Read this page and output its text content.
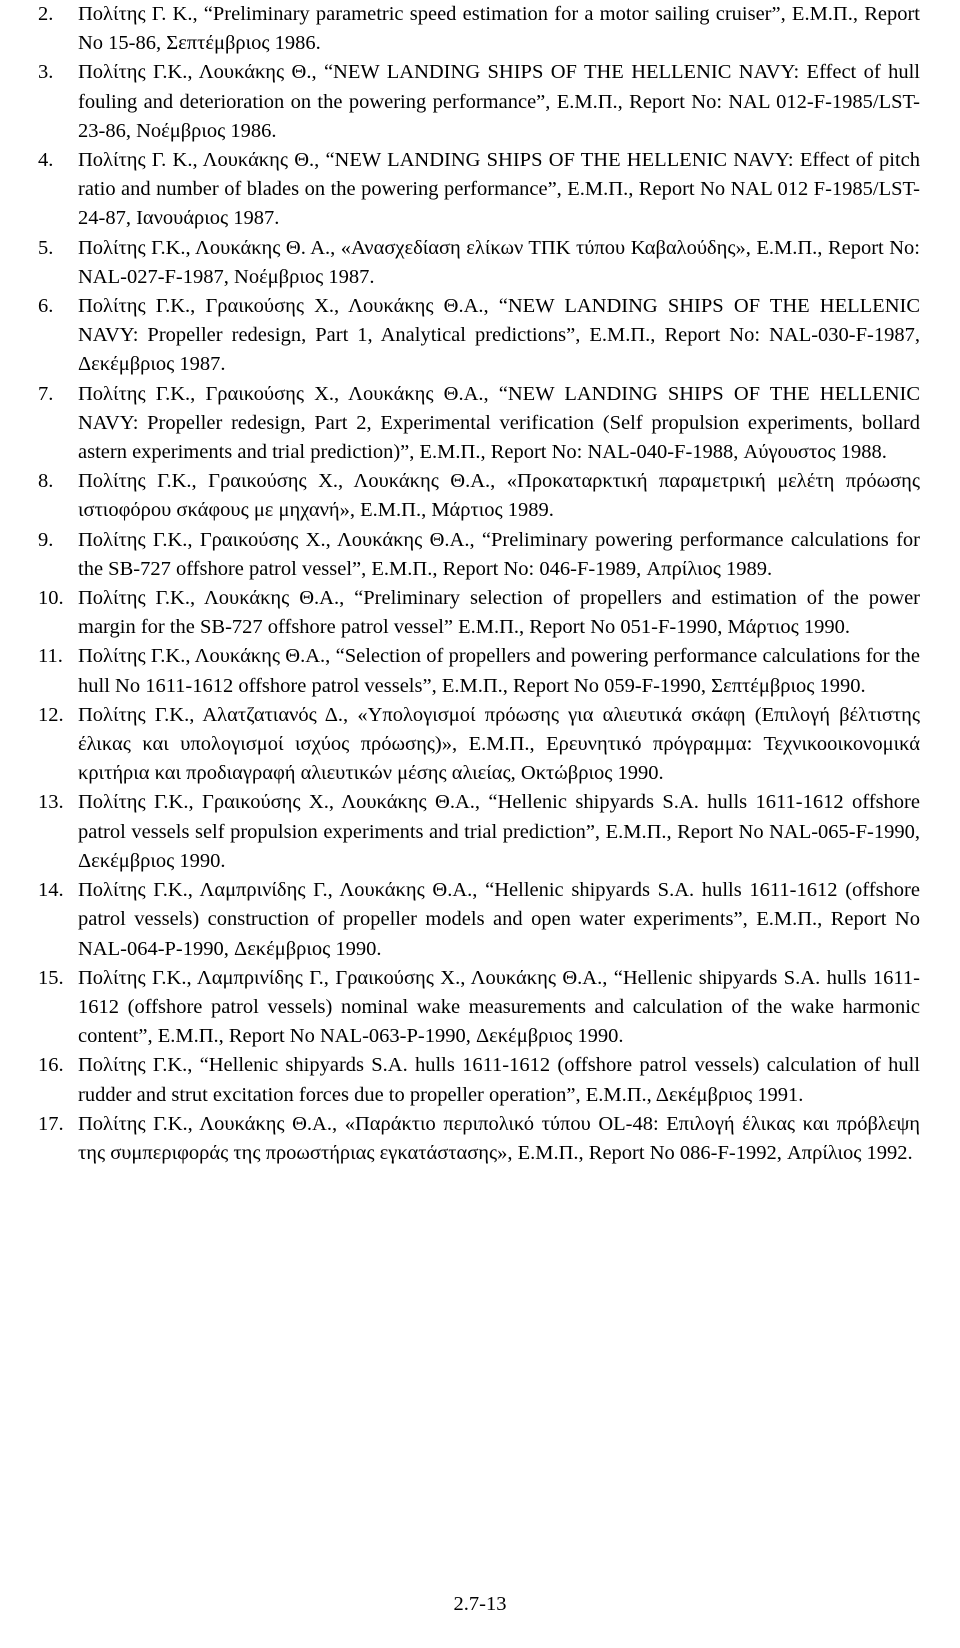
2. Πολίτης Γ. Κ., “Preliminary parametric speed estimation for a motor sailing cruiser”, Ε.Μ.Π., Report No 15-86, Σεπτέμβριος 1986.
3. Πολίτης Γ.Κ., Λουκάκης Θ., “NEW LANDING SHIPS OF THE HELLENIC NAVY: Effect of hull fouling and deterioration on the powering performance”, Ε.Μ.Π., Report No: NAL 012-F-1985/LST-23-86, Νοέμβριος 1986.
4. Πολίτης Γ. Κ., Λουκάκης Θ., “NEW LANDING SHIPS OF THE HELLENIC NAVY: Effect of pitch ratio and number of blades on the powering performance”, Ε.Μ.Π., Report No NAL 012 F-1985/LST-24-87, Ιανουάριος 1987.
5. Πολίτης Γ.Κ., Λουκάκης Θ. Α., «Ανασχεδίαση ελίκων ΤΠΚ τύπου Καβαλούδης», Ε.Μ.Π., Report No: NAL-027-F-1987, Νοέμβριος 1987.
6. Πολίτης Γ.Κ., Γραικούσης Χ., Λουκάκης Θ.Α., “NEW LANDING SHIPS OF THE HELLENIC NAVY: Propeller redesign, Part 1, Analytical predictions”, Ε.Μ.Π., Report No: NAL-030-F-1987, Δεκέμβριος 1987.
7. Πολίτης Γ.Κ., Γραικούσης Χ., Λουκάκης Θ.Α., “NEW LANDING SHIPS OF THE HELLENIC NAVY: Propeller redesign, Part 2, Experimental verification (Self propulsion experiments, bollard astern experiments and trial prediction)”, Ε.Μ.Π., Report No: NAL-040-F-1988, Αύγουστος 1988.
8. Πολίτης Γ.Κ., Γραικούσης Χ., Λουκάκης Θ.Α., «Προκαταρκτική παραμετρική μελέτη πρόωσης ιστιοφόρου σκάφους με μηχανή», Ε.Μ.Π., Μάρτιος 1989.
9. Πολίτης Γ.Κ., Γραικούσης Χ., Λουκάκης Θ.Α., “Preliminary powering performance calculations for the SB-727 offshore patrol vessel”, Ε.Μ.Π., Report No: 046-F-1989, Απρίλιος 1989.
10. Πολίτης Γ.Κ., Λουκάκης Θ.Α., “Preliminary selection of propellers and estimation of the power margin for the SB-727 offshore patrol vessel” Ε.Μ.Π., Report No 051-F-1990, Μάρτιος 1990.
11. Πολίτης Γ.Κ., Λουκάκης Θ.Α., “Selection of propellers and powering performance calculations for the hull No 1611-1612 offshore patrol vessels”, Ε.Μ.Π., Report No 059-F-1990, Σεπτέμβριος 1990.
12. Πολίτης Γ.Κ., Αλατζατιανός Δ., «Υπολογισμοί πρόωσης για αλιευτικά σκάφη (Επιλογή βέλτιστης έλικας και υπολογισμοί ισχύος πρόωσης)», Ε.Μ.Π., Ερευνητικό πρόγραμμα: Τεχνικοοικονομικά κριτήρια και προδιαγραφή αλιευτικών μέσης αλιείας, Οκτώβριος 1990.
13. Πολίτης Γ.Κ., Γραικούσης Χ., Λουκάκης Θ.Α., “Hellenic shipyards S.A. hulls 1611-1612 offshore patrol vessels self propulsion experiments and trial prediction”, Ε.Μ.Π., Report No NAL-065-F-1990, Δεκέμβριος 1990.
14. Πολίτης Γ.Κ., Λαμπρινίδης Γ., Λουκάκης Θ.Α., “Hellenic shipyards S.A. hulls 1611-1612 (offshore patrol vessels) construction of propeller models and open water experiments”, Ε.Μ.Π., Report No NAL-064-P-1990, Δεκέμβριος 1990.
15. Πολίτης Γ.Κ., Λαμπρινίδης Γ., Γραικούσης Χ., Λουκάκης Θ.Α., “Hellenic shipyards S.A. hulls 1611-1612 (offshore patrol vessels) nominal wake measurements and calculation of the wake harmonic content”, Ε.Μ.Π., Report No NAL-063-P-1990, Δεκέμβριος 1990.
16. Πολίτης Γ.Κ., “Hellenic shipyards S.A. hulls 1611-1612 (offshore patrol vessels) calculation of hull rudder and strut excitation forces due to propeller operation”, Ε.Μ.Π., Δεκέμβριος 1991.
17. Πολίτης Γ.Κ., Λουκάκης Θ.Α., «Παράκτιο περιπολικό τύπου OL-48: Επιλογή έλικας και πρόβλεψη της συμπεριφοράς της προωστήριας εγκατάστασης», Ε.Μ.Π., Report No 086-F-1992, Απρίλιος 1992.
2.7-13
